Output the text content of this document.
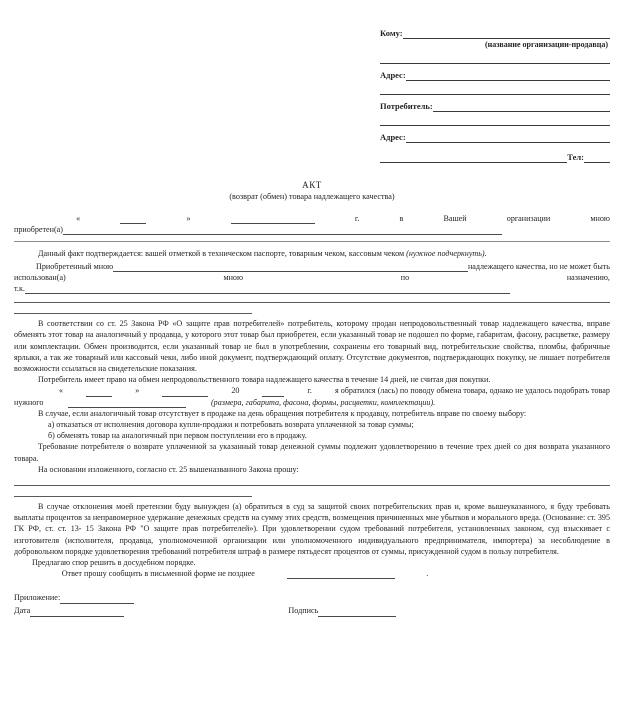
Кому:
(название организации-продавца)
Адрес:
Потребитель:
Адрес:
Тел:
АКТ
(возврат (обмен) товара надлежащего качества)
«	»	г.	в	Вашей	организации	мною
приобретен(а)

Данный факт подтверждается: вашей отметкой в техническом паспорте, товарным чеком, кассовым чеком (нужное подчеркнуть).

Приобретенный мною	надлежащего качества, но не может быть
использован(а)	мною	по	назначению,
т.к.

В соответствии со ст. 25 Закона РФ «О защите прав потребителей» потребитель, которому продан непродовольственный товар надлежащего качества, вправе обменять этот товар на аналогичный у продавца, у которого этот товар был приобретен, если указанный товар не подошел по форме, габаритам, фасону, расцветке, размеру или комплектации. Обмен производится, если указанный товар не был в употреблении, сохранены его товарный вид, потребительские свойства, пломбы, фабричные ярлыки, а так же товарный или кассовый чеки, либо иной документ, подтверждающий оплату. Отсутствие документов, подтверждающих покупку, не лишает потребителя возможности ссылаться на свидетельские показания.

Потребитель имеет право на обмен непродовольственного товара надлежащего качества в течение 14 дней, не считая дня покупки.

«	»	20	г.	я обратился (лась) по поводу обмена товара, однако не удалось подобрать товар
нужного	(размера, габарита, фасона, формы, расцветки, комплектации).

В случае, если аналогичный товар отсутствует в продаже на день обращения потребителя к продавцу, потребитель вправе по своему выбору:

а) отказаться от исполнения договора купли-продажи и потребовать возврата уплаченной за товар суммы;

б) обменять товар на аналогичный при первом поступлении его в продажу.

Требование потребителя о возврате уплаченной за указанный товар денежной суммы подлежит удовлетворению в течение трех дней со дня возврата указанного товара.

На основании изложенного, согласно ст. 25 вышеназванного Закона прошу:

В случае отклонения моей претензии буду вынужден (а) обратиться в суд за защитой своих потребительских прав и, кроме вышеуказанного, я буду требовать выплаты процентов за неправомерное удержание денежных средств на сумму этих средств, возмещения причиненных мне убытков и морального вреда. (Основание: ст. 395 ГК РФ, ст. ст. 13- 15 Закона РФ "О защите прав потребителей»). При удовлетворении судом требований потребителя, установленных законом, суд взыскивает с изготовителя (исполнителя, продавца, уполномоченной организации или уполномоченного индивидуального предпринимателя, импортера) за несоблюдение в добровольном порядке удовлетворения требований потребителя штраф в размере пятьдесят процентов от суммы, присужденной судом в пользу потребителя.

Предлагаю спор решить в досудебном порядке.

Ответ прошу сообщить в письменной форме не позднее	.
Приложение:
Дата	Подпись
